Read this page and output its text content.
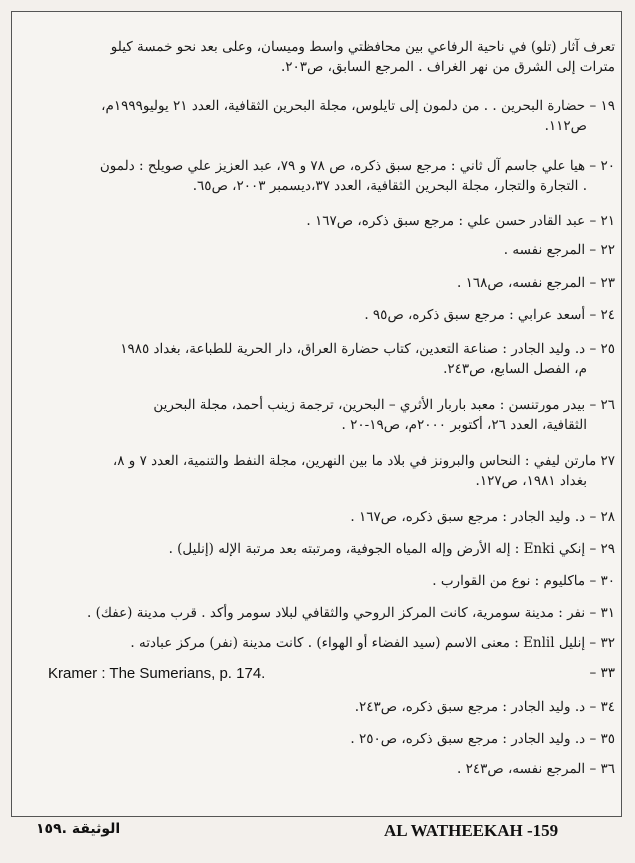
تعرف آثار (تلو) في ناحية الرفاعي بين محافظتي واسط وميسان، وعلى بعد نحو خمسة كيلو
مترات إلى الشرق من نهر الغراف . المرجع السابق، ص٢٠٣.
١٩ – حضارة البحرين . . من دلمون إلى تايلوس، مجلة البحرين الثقافية، العدد ٢١ يوليو١٩٩٩م،
ص١١٢.
٢٠ – هيا علي جاسم آل ثاني : مرجع سبق ذكره، ص ٧٨ و ٧٩، عبد العزيز علي صويلح : دلمون
. التجارة والتجار، مجلة البحرين الثقافية، العدد ٣٧،ديسمبر ٢٠٠٣، ص٦٥.
٢١ – عبد القادر حسن علي : مرجع سبق ذكره، ص١٦٧ .
٢٢ – المرجع نفسه .
٢٣ – المرجع نفسه، ص١٦٨ .
٢٤ – أسعد عرابي : مرجع سبق ذكره، ص٩٥ .
٢٥ – د. وليد الجادر : صناعة التعدين، كتاب حضارة العراق، دار الحرية للطباعة، بغداد ١٩٨٥
م، الفصل السابع، ص٢٤٣.
٢٦ – بيدر مورتنسن : معبد باربار الأثري – البحرين، ترجمة زينب أحمد، مجلة البحرين
الثقافية، العدد ٢٦، أكتوبر ٢٠٠٠م، ص١٩-٢٠ .
٢٧ مارتن ليفي : النحاس والبرونز في بلاد ما بين النهرين، مجلة النفط والتنمية، العدد ٧ و ٨،
بغداد ١٩٨١، ص١٢٧.
٢٨ – د. وليد الجادر : مرجع سبق ذكره، ص١٦٧ .
٢٩ – إنكي Enki : إله الأرض وإله المياه الجوفية، ومرتبته بعد مرتبة الإله (إنليل) .
٣٠ – ماكليوم : نوع من القوارب .
٣١ – نفر : مدينة سومرية، كانت المركز الروحي والثقافي لبلاد سومر وأكد . قرب مدينة (عفك) .
٣٢ – إنليل Enlil : معنى الاسم (سيد الفضاء أو الهواء) . كانت مدينة (نفر) مركز عبادته .
٣٣ –
Kramer : The Sumerians, p. 174.
٣٤ – د. وليد الجادر : مرجع سبق ذكره، ص٢٤٣.
٣٥ – د. وليد الجادر : مرجع سبق ذكره، ص٢٥٠ .
٣٦ – المرجع نفسه، ص٢٤٣ .
AL WATHEEKAH -159
الوثيقة .١٥٩
